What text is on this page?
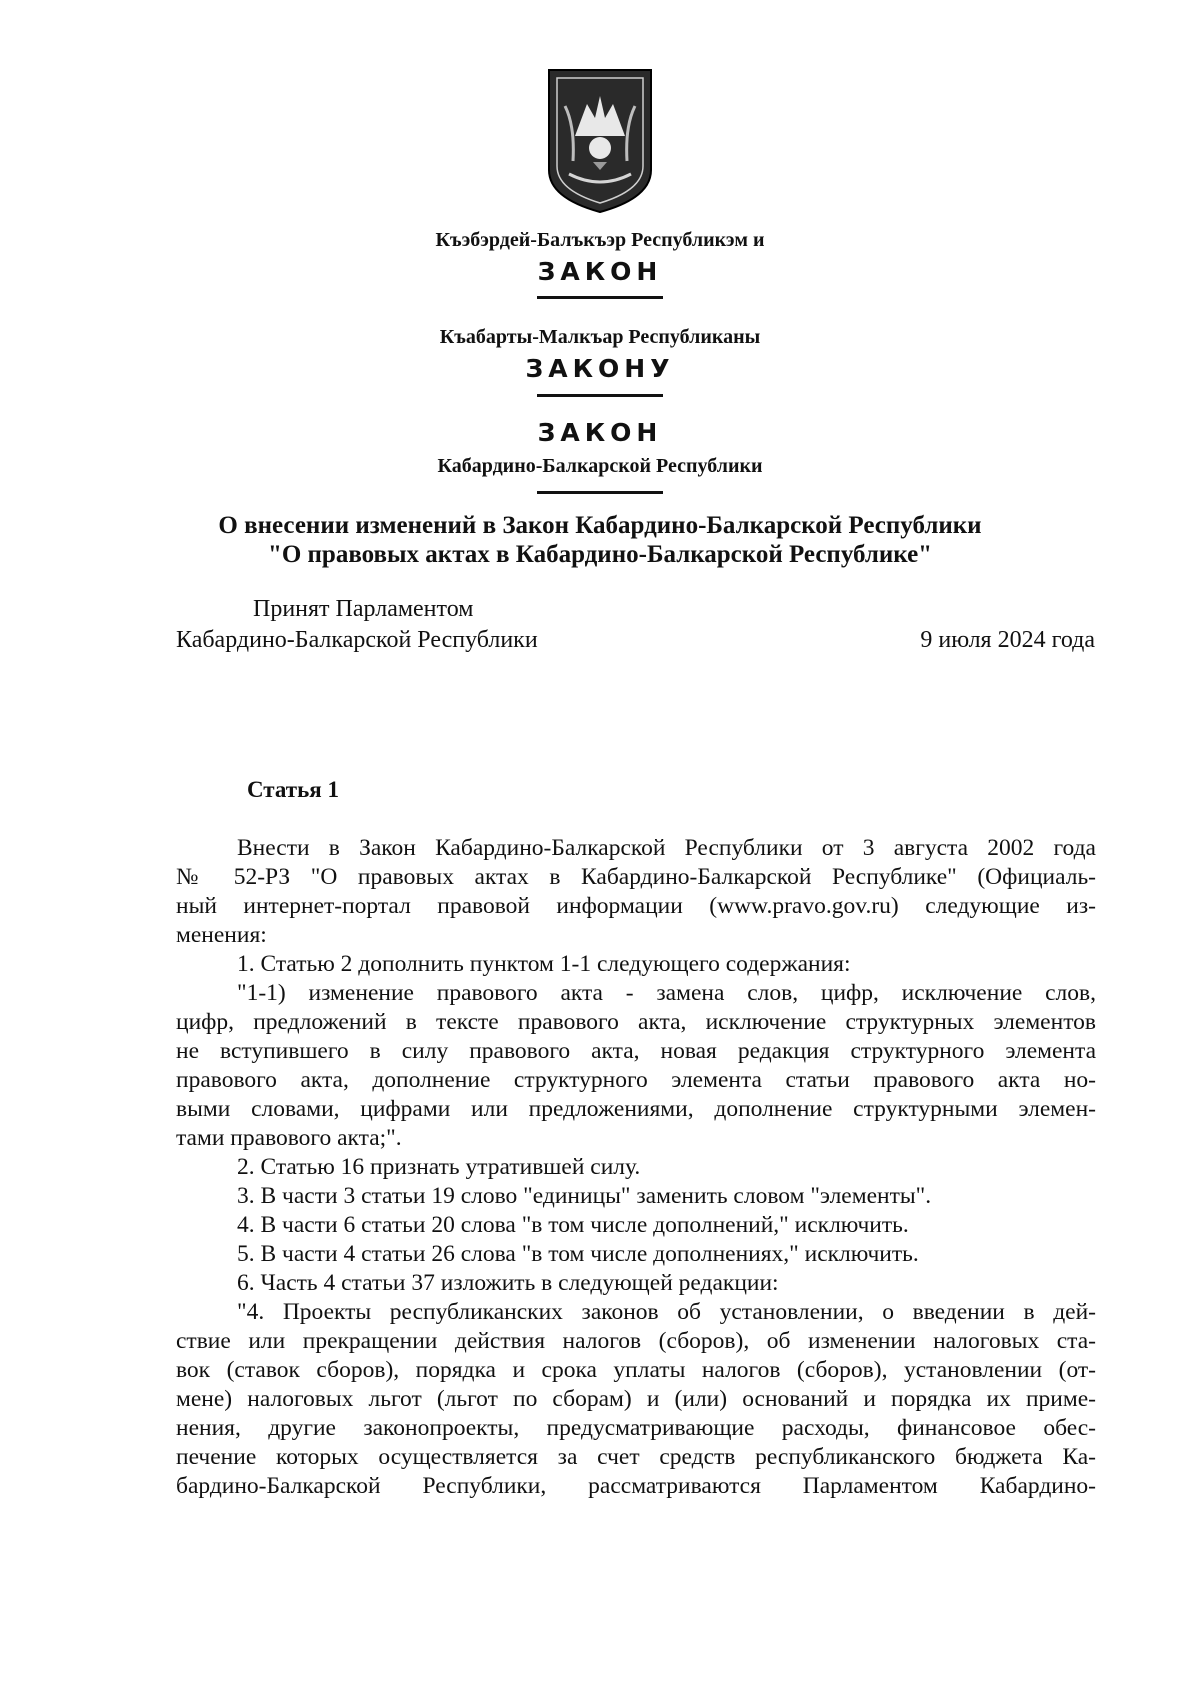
Къэбэрдей-Балъкъэр Республикэм и
ЗАКОН
Къабарты-Малкъар Республиканы
ЗАКОНУ
ЗАКОН
Кабардино-Балкарской Республики
О внесении изменений в Закон Кабардино-Балкарской Республики
"О правовых актах в Кабардино-Балкарской Республике"
Принят Парламентом
Кабардино-Балкарской Республики	9 июля 2024 года
Статья 1
Внести в Закон Кабардино-Балкарской Республики от 3 августа 2002 года
№ 52-РЗ "О правовых актах в Кабардино-Балкарской Республике" (Официаль-
ный интернет-портал правовой информации (www.pravo.gov.ru) следующие из-
менения:
1. Статью 2 дополнить пунктом 1-1 следующего содержания:
"1-1) изменение правового акта - замена слов, цифр, исключение слов,
цифр, предложений в тексте правового акта, исключение структурных элементов
не вступившего в силу правового акта, новая редакция структурного элемента
правового акта, дополнение структурного элемента статьи правового акта но-
выми словами, цифрами или предложениями, дополнение структурными элемен-
тами правового акта;".
2. Статью 16 признать утратившей силу.
3. В части 3 статьи 19 слово "единицы" заменить словом "элементы".
4. В части 6 статьи 20 слова "в том числе дополнений," исключить.
5. В части 4 статьи 26 слова "в том числе дополнениях," исключить.
6. Часть 4 статьи 37 изложить в следующей редакции:
"4. Проекты республиканских законов об установлении, о введении в дей-
ствие или прекращении действия налогов (сборов), об изменении налоговых ста-
вок (ставок сборов), порядка и срока уплаты налогов (сборов), установлении (от-
мене) налоговых льгот (льгот по сборам) и (или) оснований и порядка их приме-
нения, другие законопроекты, предусматривающие расходы, финансовое обес-
печение которых осуществляется за счет средств республиканского бюджета Ка-
бардино-Балкарской Республики, рассматриваются Парламентом Кабардино-
